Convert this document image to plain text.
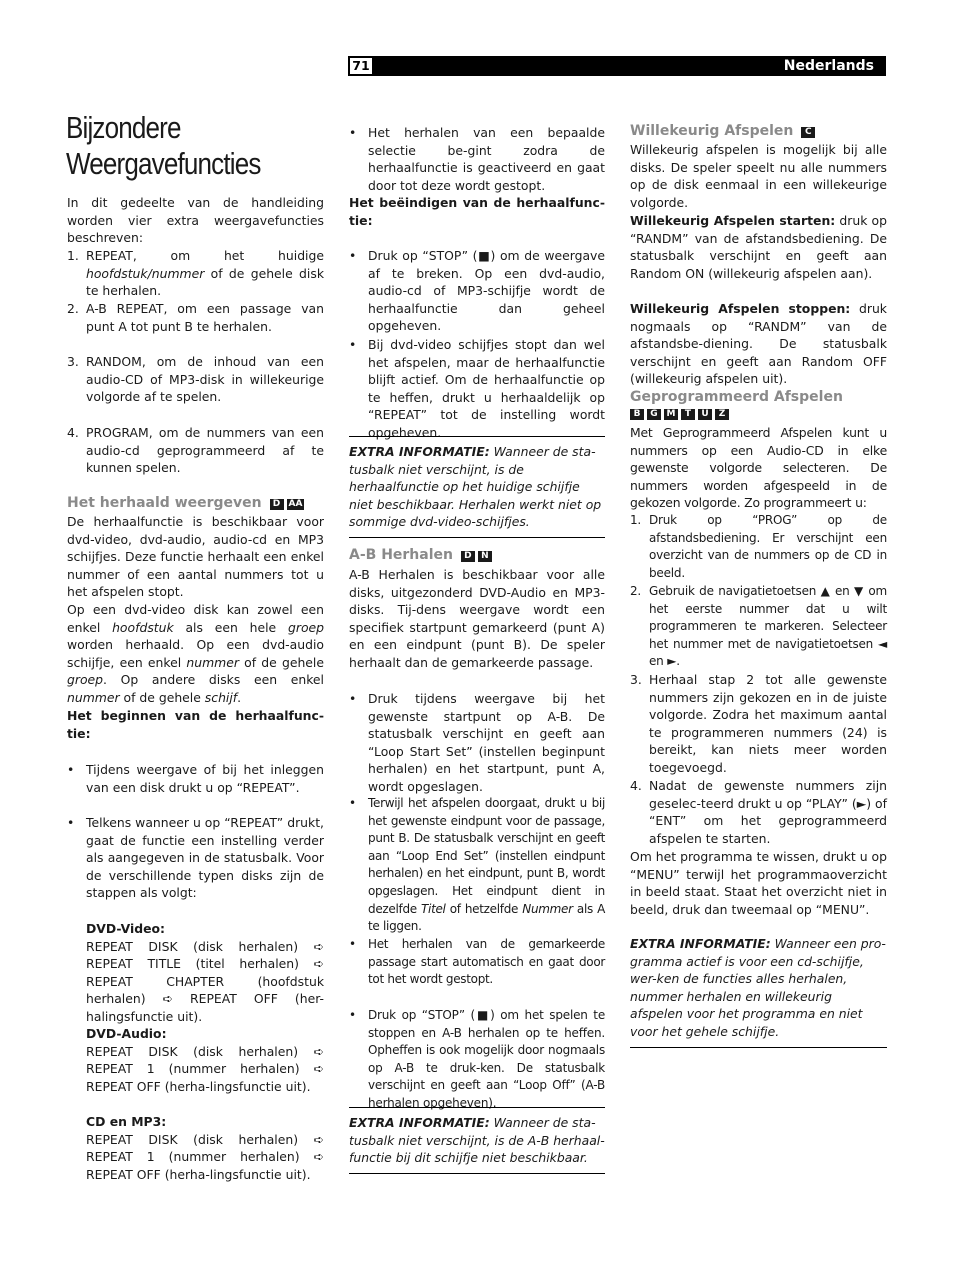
71	Nederlands
Bijzondere
Weergavefuncties

In dit gedeelte van de handleiding worden vier extra weergavefuncties beschreven:

1. REPEAT, om het huidige hoofdstuk/nummer of de gehele disk te herhalen.
2. A-B REPEAT, om een passage van punt A tot punt B te herhalen.
3. RANDOM, om de inhoud van een audio-CD of MP3-disk in willekeurige volgorde af te spelen.
4. PROGRAM, om de nummers van een audio-cd geprogrammeerd af te kunnen spelen.
Het herhaald weergeven D AA

De herhaalfunctie is beschikbaar voor dvd-video, dvd-audio, audio-cd en MP3 schijfjes. Deze functie herhaalt een enkel nummer of een aantal nummers tot u het afspelen stopt.

Op een dvd-video disk kan zowel een enkel hoofdstuk als een hele groep worden herhaald. Op een dvd-audio schijfje, een enkel nummer of de gehele groep. Op andere disks een enkel nummer of de gehele schijf.

Het beginnen van de herhaalfunc-tie:

• Tijdens weergave of bij het inleggen van een disk drukt u op “REPEAT”.
• Telkens wanneer u op “REPEAT” drukt, gaat de functie een instelling verder als aangegeven in de statusbalk. Voor de verschillende typen disks zijn de stappen als volgt:
DVD-Video:

REPEAT DISK (disk herhalen) ➪ REPEAT TITLE (titel herhalen) ➪ REPEAT CHAPTER (hoofdstuk herhalen) ➪ REPEAT OFF (her-halingsfunctie uit).

DVD-Audio:

REPEAT DISK (disk herhalen) ➪ REPEAT 1 (nummer herhalen) ➪ REPEAT OFF (herha-lingsfunctie uit).

CD en MP3:

REPEAT DISK (disk herhalen) ➪ REPEAT 1 (nummer herhalen) ➪ REPEAT OFF (herha-lingsfunctie uit).

• Het herhalen van een bepaalde selectie be-gint zodra de herhaalfunctie is geactiveerd en gaat door tot deze wordt gestopt.

Het beëindigen van de herhaalfunc-tie:

• Druk op “STOP” (■) om de weergave af te breken. Op een dvd-audio, audio-cd of MP3-schijfje wordt de herhaalfunctie dan geheel opgeheven.
• Bij dvd-video schijfjes stopt dan wel het afspelen, maar de herhaalfunctie blijft actief. Om de herhaalfunctie op te heffen, drukt u herhaaldelijk op “REPEAT” tot de instelling wordt opgeheven.
EXTRA INFORMATIE: Wanneer de sta-tusbalk niet verschijnt, is de herhaalfunctie op het huidige schijfje niet beschikbaar. Herhalen werkt niet op sommige dvd-video-schijfjes.
A-B Herhalen D N

A-B Herhalen is beschikbaar voor alle disks, uitgezonderd DVD-Audio en MP3-disks. Tij-dens weergave wordt een specifiek startpunt gemarkeerd (punt A) en een eindpunt (punt B). De speler herhaalt dan de gemarkeerde passage.

• Druk tijdens weergave bij het gewenste startpunt op A-B. De statusbalk verschijnt en geeft aan “Loop Start Set” (instellen beginpunt herhalen) en het startpunt, punt A, wordt opgeslagen.
• Terwijl het afspelen doorgaat, drukt u bij het gewenste eindpunt voor de passage, punt B. De statusbalk verschijnt en geeft aan “Loop End Set” (instellen eindpunt herhalen) en het eindpunt, punt B, wordt opgeslagen. Het eindpunt dient in dezelfde Titel of hetzelfde Nummer als A te liggen.
• Het herhalen van de gemarkeerde passage start automatisch en gaat door tot het wordt gestopt.
• Druk op “STOP” (■) om het spelen te stoppen en A-B herhalen op te heffen. Opheffen is ook mogelijk door nogmaals op A-B te druk-ken. De statusbalk verschijnt en geeft aan “Loop Off” (A-B herhalen opgeheven).
EXTRA INFORMATIE: Wanneer de sta-tusbalk niet verschijnt, is de A-B herhaal-functie bij dit schijfje niet beschikbaar.
Willekeurig Afspelen C

Willekeurig afspelen is mogelijk bij alle disks. De speler speelt nu alle nummers op de disk eenmaal in een willekeurige volgorde.

Willekeurig Afspelen starten: druk op “RANDM” van de afstandsbediening. De statusbalk verschijnt en geeft aan Random ON (willekeurig afspelen aan).

Willekeurig Afspelen stoppen: druk nogmaals op “RANDM” van de afstandsbe-diening. De statusbalk verschijnt en geeft aan Random OFF (willekeurig afspelen uit).

Geprogrammeerd Afspelen
B G M T U Z

Met Geprogrammeerd Afspelen kunt u nummers op een Audio-CD in elke gewenste volgorde selecteren. De nummers worden afgespeeld in de gekozen volgorde. Zo programmeert u:

1. Druk op “PROG” op de afstandsbediening. Er verschijnt een overzicht van de nummers op de CD in beeld.
2. Gebruik de navigatietoetsen ▲ en ▼ om het eerste nummer dat u wilt programmeren te markeren. Selecteer het nummer met de navigatietoetsen ◄ en ►.
3. Herhaal stap 2 tot alle gewenste nummers zijn gekozen en in de juiste volgorde. Zodra het maximum aantal te programmeren nummers (24) is bereikt, kan niets meer worden toegevoegd.
4. Nadat de gewenste nummers zijn geselec-teerd drukt u op “PLAY” (►) of “ENT” om het geprogrammeerd afspelen te starten.

Om het programma te wissen, drukt u op “MENU” terwijl het programmaoverzicht in beeld staat. Staat het overzicht niet in beeld, druk dan tweemaal op “MENU”.

EXTRA INFORMATIE: Wanneer een pro-gramma actief is voor een cd-schijfje, wer-ken de functies alles herhalen, nummer herhalen en willekeurig afspelen voor het programma en niet voor het gehele schijfje.
